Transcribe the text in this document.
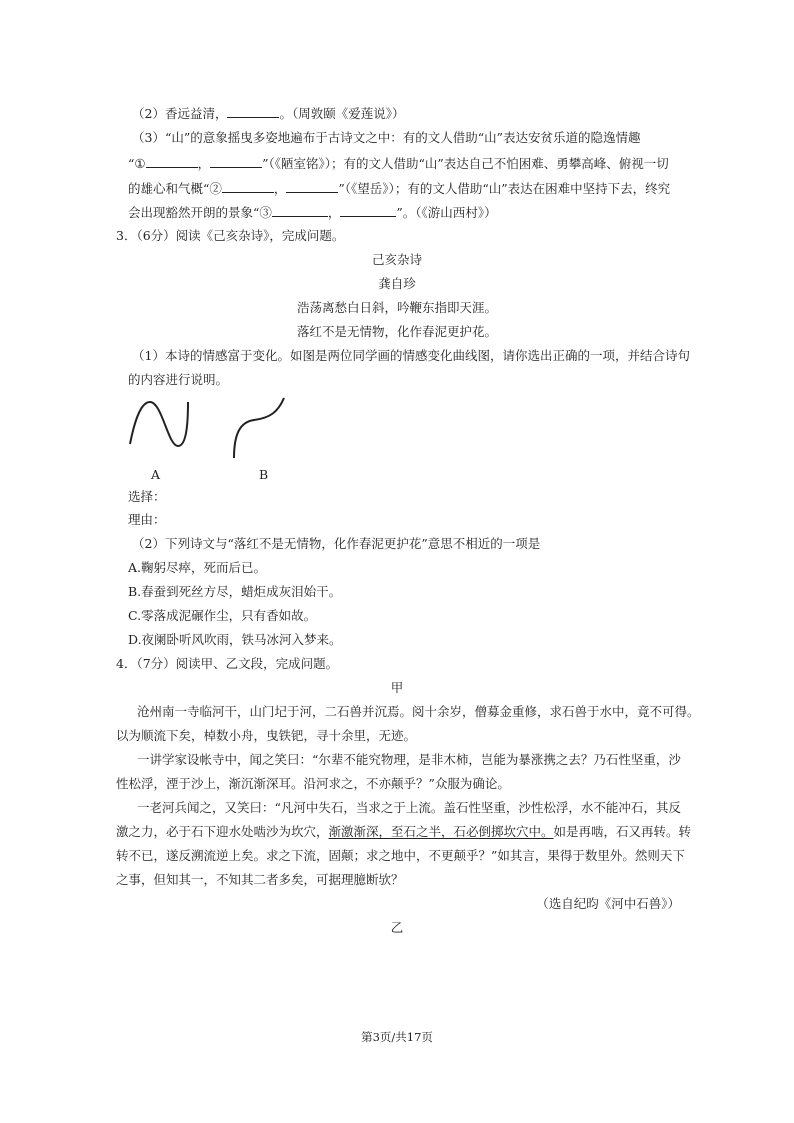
（2）香远益清，	。（周敦颐《爱莲说》）
（3）“山”的意象摇曳多姿地遍布于古诗文之中：有的文人借助“山”表达安贫乐道的隐逸情趣
“①	，	”（《陋室铭》）；有的文人借助“山”表达自己不怕困难、勇攀高峰、俯视一切
的雄心和气概“②	，	”（《望岳》）；有的文人借助“山”表达在困难中坚持下去，终究
会出现豁然开朗的景象“③	，	”。（《游山西村》）
3．（6分）阅读《己亥杂诗》，完成问题。
己亥杂诗
龚自珍
浩荡离愁白日斜，吟鞭东指即天涯。
落红不是无情物，化作春泥更护花。
（1）本诗的情感富于变化。如图是两位同学画的情感变化曲线图，请你选出正确的一项，并结合诗句
的内容进行说明。
A	B
选择：
理由：
（2）下列诗文与“落红不是无情物，化作春泥更护花”意思不相近的一项是
A.鞠躬尽瘁，死而后已。
B.春蚕到死丝方尽，蜡炬成灰泪始干。
C.零落成泥碾作尘，只有香如故。
D.夜阑卧听风吹雨，铁马冰河入梦来。
4．（7分）阅读甲、乙文段，完成问题。
甲
沧州南一寺临河干，山门圮于河，二石兽并沉焉。阅十余岁，僧募金重修，求石兽于水中，竟不可得。
以为顺流下矣，棹数小舟，曳铁钯，寻十余里，无迹。
一讲学家设帐寺中，闻之笑曰：“尔辈不能究物理，是非木柿，岂能为暴涨携之去？乃石性坚重，沙
性松浮，湮于沙上，渐沉渐深耳。沿河求之，不亦颠乎？”众服为确论。
一老河兵闻之，又笑曰：“凡河中失石，当求之于上流。盖石性坚重，沙性松浮，水不能冲石，其反
激之力，必于石下迎水处啮沙为坎穴，渐激渐深，至石之半，石必倒掷坎穴中。如是再啮，石又再转。转
转不已，遂反溯流逆上矣。求之下流，固颠；求之地中，不更颠乎？”如其言，果得于数里外。然则天下
之事，但知其一，不知其二者多矣，可据理臆断欤？
（选自纪昀《河中石兽》）
乙
第3页/共17页
